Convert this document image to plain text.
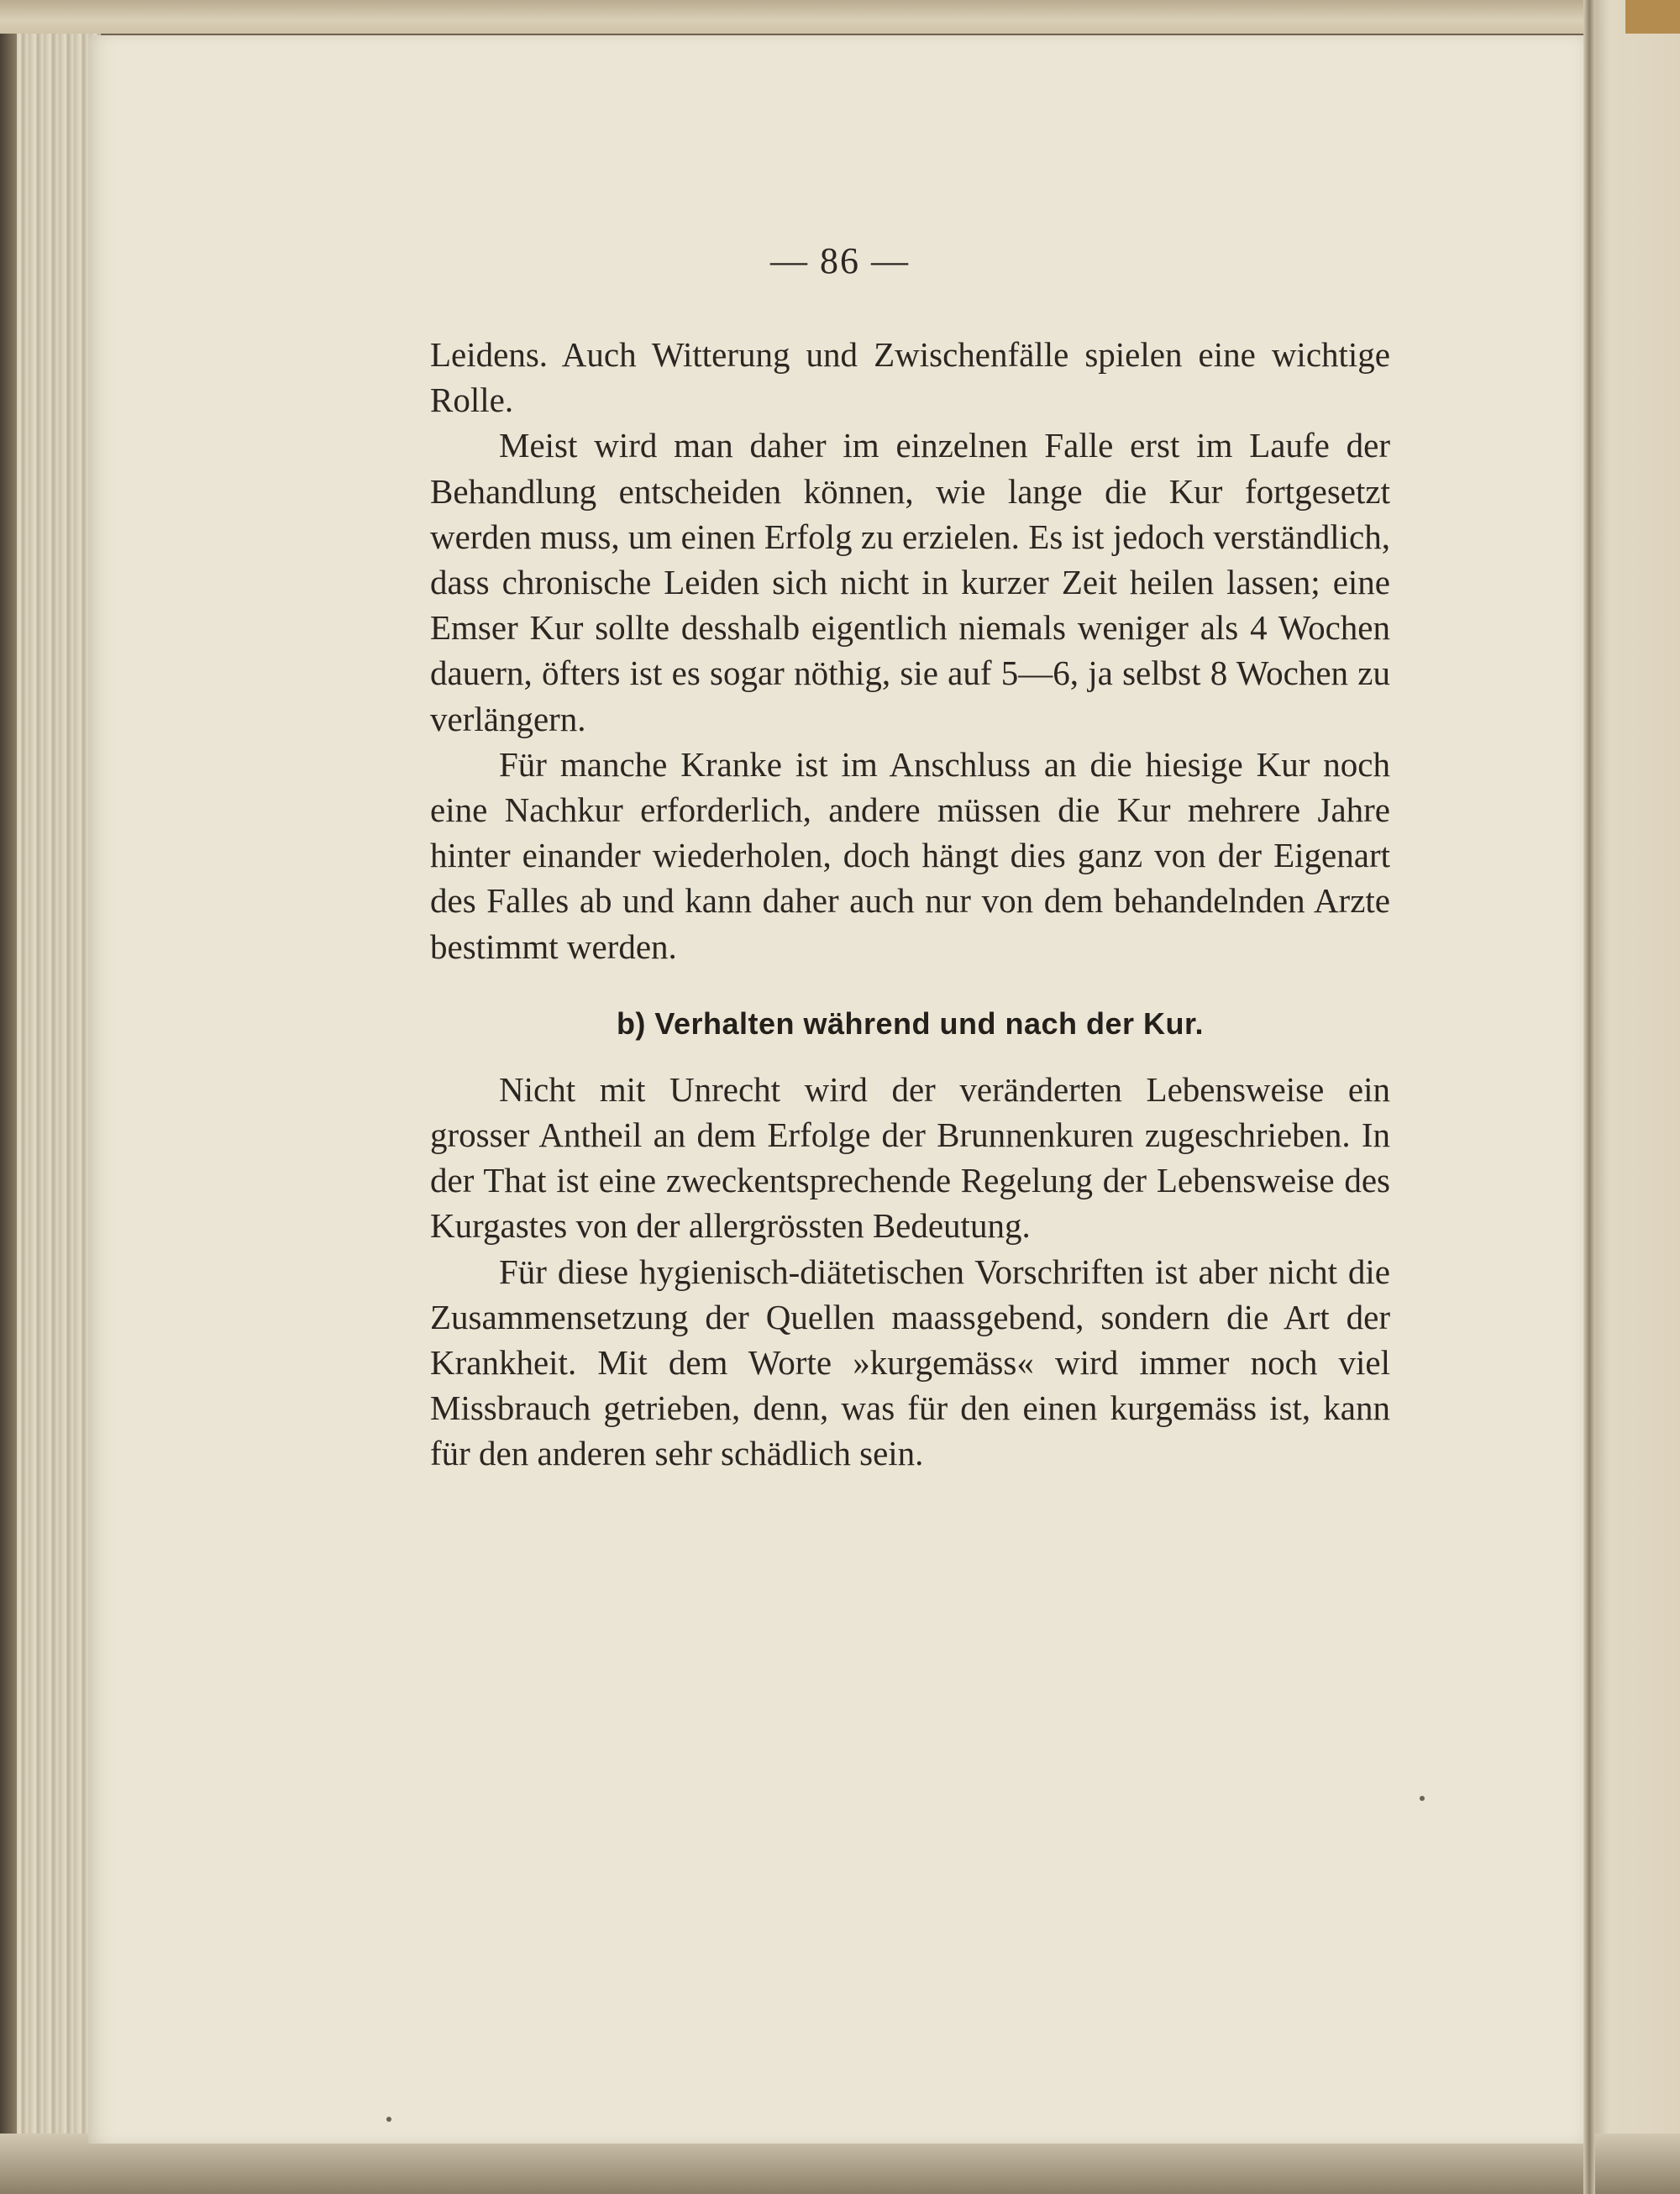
— 86 —

Leidens. Auch Witterung und Zwischenfälle spielen eine wichtige Rolle.

Meist wird man daher im einzelnen Falle erst im Laufe der Behandlung entscheiden können, wie lange die Kur fortgesetzt werden muss, um einen Erfolg zu erzielen. Es ist jedoch verständlich, dass chronische Leiden sich nicht in kurzer Zeit heilen lassen; eine Emser Kur sollte desshalb eigentlich niemals weniger als 4 Wochen dauern, öfters ist es sogar nöthig, sie auf 5—6, ja selbst 8 Wochen zu verlängern.

Für manche Kranke ist im Anschluss an die hiesige Kur noch eine Nachkur erforderlich, andere müssen die Kur mehrere Jahre hinter einander wiederholen, doch hängt dies ganz von der Eigenart des Falles ab und kann daher auch nur von dem behandelnden Arzte bestimmt werden.

b) Verhalten während und nach der Kur.

Nicht mit Unrecht wird der veränderten Lebensweise ein grosser Antheil an dem Erfolge der Brunnenkuren zugeschrieben. In der That ist eine zweckentsprechende Regelung der Lebensweise des Kurgastes von der allergrössten Bedeutung.

Für diese hygienisch-diätetischen Vorschriften ist aber nicht die Zusammensetzung der Quellen maassgebend, sondern die Art der Krankheit. Mit dem Worte »kurgemäss« wird immer noch viel Missbrauch getrieben, denn, was für den einen kurgemäss ist, kann für den anderen sehr schädlich sein.
